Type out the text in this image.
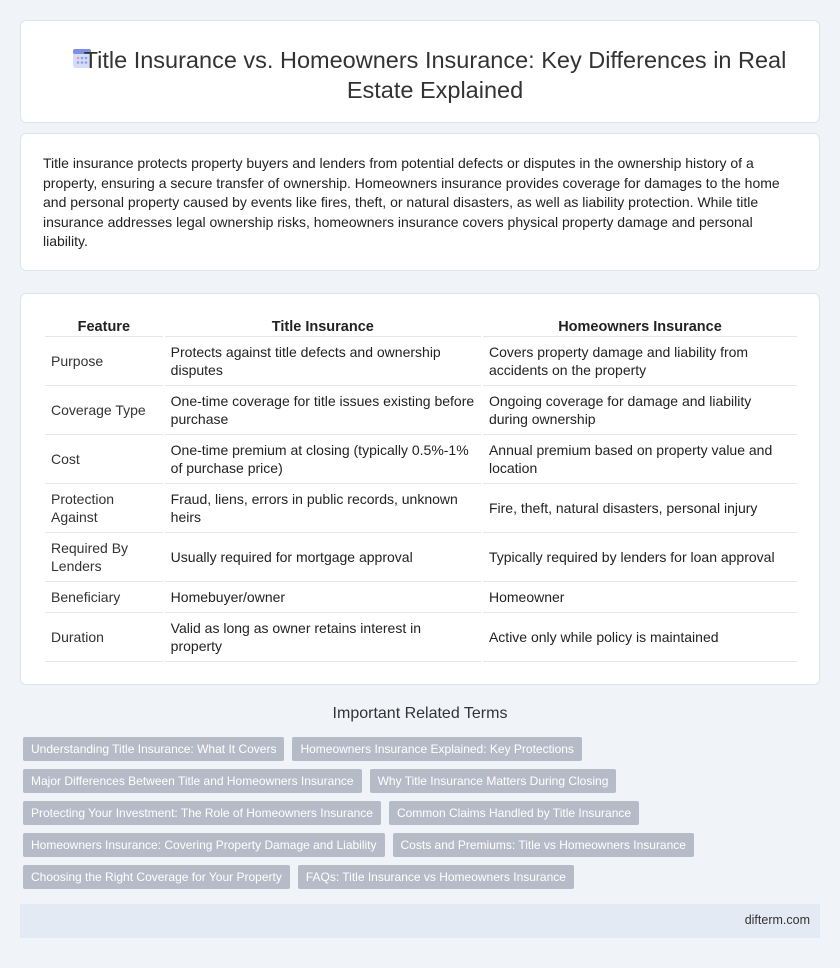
Title Insurance vs. Homeowners Insurance: Key Differences in Real Estate Explained

Title insurance protects property buyers and lenders from potential defects or disputes in the ownership history of a property, ensuring a secure transfer of ownership. Homeowners insurance provides coverage for damages to the home and personal property caused by events like fires, theft, or natural disasters, as well as liability protection. While title insurance addresses legal ownership risks, homeowners insurance covers physical property damage and personal liability.

Feature	Title Insurance	Homeowners Insurance
Purpose	Protects against title defects and ownership disputes	Covers property damage and liability from accidents on the property
Coverage Type	One-time coverage for title issues existing before purchase	Ongoing coverage for damage and liability during ownership
Cost	One-time premium at closing (typically 0.5%-1% of purchase price)	Annual premium based on property value and location
Protection Against	Fraud, liens, errors in public records, unknown heirs	Fire, theft, natural disasters, personal injury
Required By Lenders	Usually required for mortgage approval	Typically required by lenders for loan approval
Beneficiary	Homebuyer/owner	Homeowner
Duration	Valid as long as owner retains interest in property	Active only while policy is maintained
Important Related Terms
Understanding Title Insurance: What It Covers	Homeowners Insurance Explained: Key Protections
Major Differences Between Title and Homeowners Insurance	Why Title Insurance Matters During Closing
Protecting Your Investment: The Role of Homeowners Insurance	Common Claims Handled by Title Insurance
Homeowners Insurance: Covering Property Damage and Liability	Costs and Premiums: Title vs Homeowners Insurance
Choosing the Right Coverage for Your Property	FAQs: Title Insurance vs Homeowners Insurance
difterm.com
